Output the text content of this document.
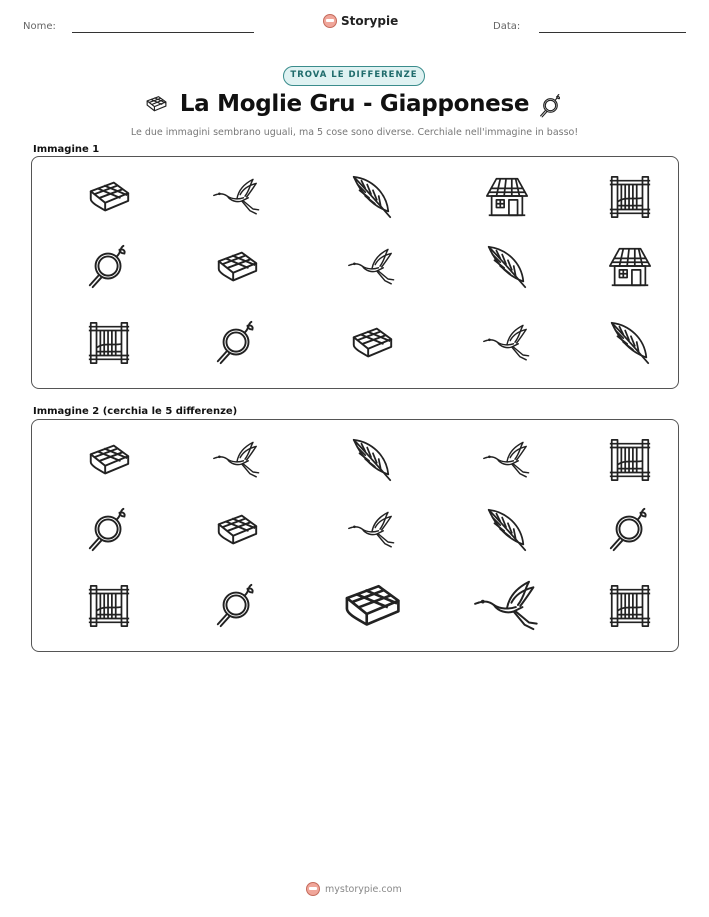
Nome:	Storypie	Data:
TROVA LE DIFFERENZE
La Moglie Gru - Giapponese
Le due immagini sembrano uguali, ma 5 cose sono diverse. Cerchiale nell'immagine in basso!
Immagine 1
Immagine 2 (cerchia le 5 differenze)
mystorypie.com
